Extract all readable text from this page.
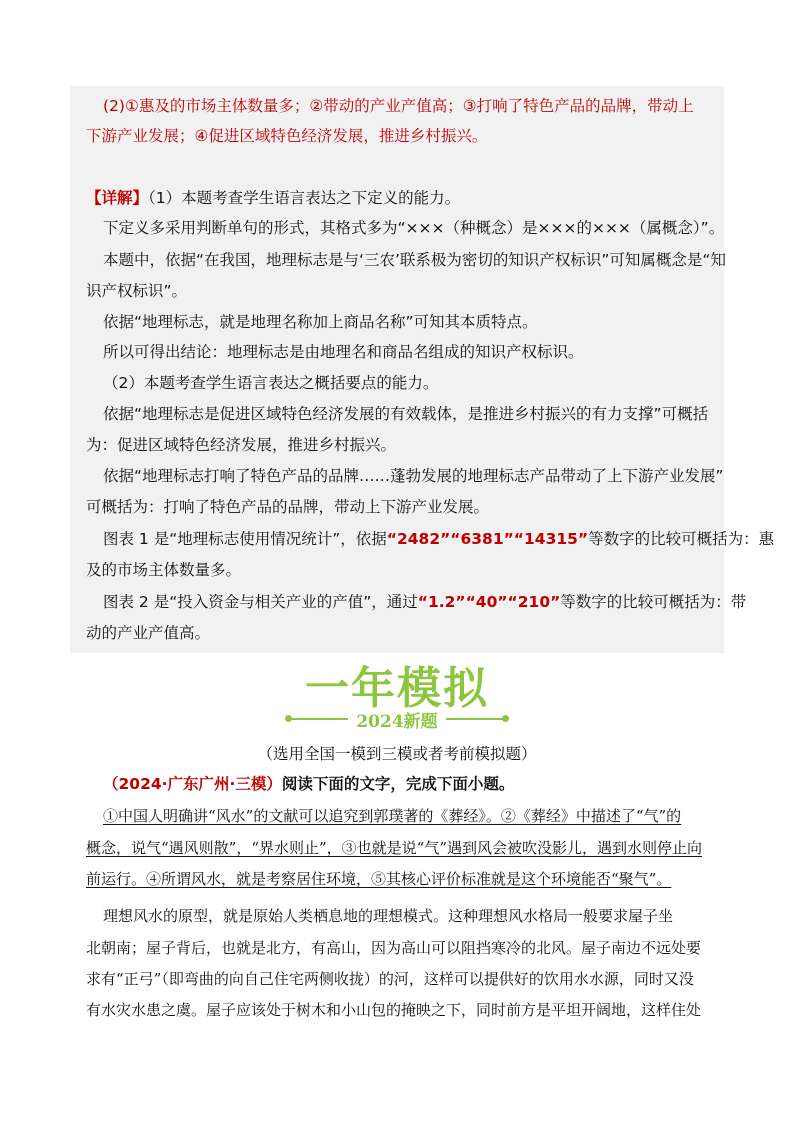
(2)①惠及的市场主体数量多；②带动的产业产值高；③打响了特色产品的品牌，带动上

下游产业发展；④促进区域特色经济发展，推进乡村振兴。

【详解】（1）本题考查学生语言表达之下定义的能力。

下定义多采用判断单句的形式，其格式多为“×××（种概念）是×××的×××（属概念）”。

本题中，依据“在我国，地理标志是与‘三农’联系极为密切的知识产权标识”可知属概念是“知

识产权标识”。

依据“地理标志，就是地理名称加上商品名称”可知其本质特点。

所以可得出结论：地理标志是由地理名和商品名组成的知识产权标识。

（2）本题考查学生语言表达之概括要点的能力。

依据“地理标志是促进区域特色经济发展的有效载体，是推进乡村振兴的有力支撑”可概括

为：促进区域特色经济发展，推进乡村振兴。

依据“地理标志打响了特色产品的品牌……蓬勃发展的地理标志产品带动了上下游产业发展”

可概括为：打响了特色产品的品牌，带动上下游产业发展。

图表 1 是“地理标志使用情况统计”，依据“2482”“6381”“14315”等数字的比较可概括为：惠

及的市场主体数量多。

图表 2 是“投入资金与相关产业的产值”，通过“1.2”“40”“210”等数字的比较可概括为：带

动的产业产值高。

一年模拟
2024新题
（选用全国一模到三模或者考前模拟题）

（2024·广东广州·三模）阅读下面的文字，完成下面小题。

①中国人明确讲“风水”的文献可以追究到郭璞著的《葬经》。②《葬经》中描述了“气”的

概念，说气“遇风则散”，“界水则止”，③也就是说“气”遇到风会被吹没影儿，遇到水则停止向

前运行。④所谓风水，就是考察居住环境，⑤其核心评价标准就是这个环境能否“聚气”。

理想风水的原型，就是原始人类栖息地的理想模式。这种理想风水格局一般要求屋子坐

北朝南；屋子背后，也就是北方，有高山，因为高山可以阻挡寒冷的北风。屋子南边不远处要

求有“正弓”（即弯曲的向自己住宅两侧收拢）的河，这样可以提供好的饮用水水源，同时又没

有水灾水患之虞。屋子应该处于树木和小山包的掩映之下，同时前方是平坦开阔地，这样住处
